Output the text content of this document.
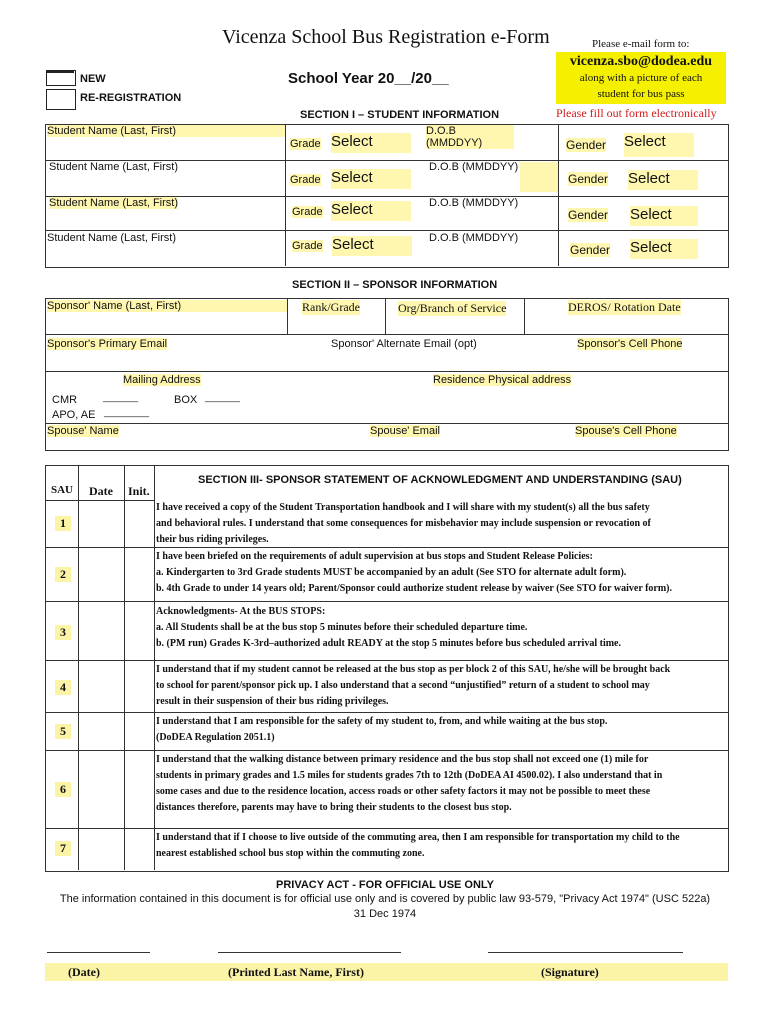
Vicenza School Bus Registration e-Form	Please e-mail form to:
vicenza.sbo@dodea.edu
along with a picture of each
student for bus pass
Please fill out form electronically
NEW
RE-REGISTRATION
School Year 20__/20__
SECTION I – STUDENT INFORMATION
Student Name (Last, First)	D.O.B (MMDDYY)
Grade Select	Gender Select
Student Name (Last, First)	D.O.B (MMDDYY)
Grade Select	Gender Select
Student Name (Last, First)	D.O.B (MMDDYY)
Grade Select	Gender Select
Student Name (Last, First)	D.O.B (MMDDYY)
Grade Select	Gender Select
SECTION II – SPONSOR INFORMATION
Sponsor' Name (Last, First)	Rank/Grade	Org/Branch of Service	DEROS/ Rotation Date
Sponsor's Primary Email	Sponsor' Alternate Email (opt)	Sponsor's Cell Phone
Mailing Address	Residence Physical address
CMR	_______	BOX _______
APO, AE _________
Spouse' Name	Spouse' Email	Spouse's Cell Phone
SECTION III- SPONSOR STATEMENT OF ACKNOWLEDGMENT AND UNDERSTANDING (SAU)
SAU Date Init.
1
I have received a copy of the Student Transportation handbook and I will share with my student(s) all the bus safety
and behavioral rules. I understand that some consequences for misbehavior may include suspension or revocation of
their bus riding privileges.
2
I have been briefed on the requirements of adult supervision at bus stops and Student Release Policies:
a. Kindergarten to 3rd Grade students MUST be accompanied by an adult (See STO for alternate adult form).
b. 4th Grade to under 14 years old; Parent/Sponsor could authorize student release by waiver (See STO for waiver form).
3
Acknowledgments- At the BUS STOPS:
a. All Students shall be at the bus stop 5 minutes before their scheduled departure time.
b. (PM run) Grades K-3rd–authorized adult READY at the stop 5 minutes before bus scheduled arrival time.
4
I understand that if my student cannot be released at the bus stop as per block 2 of this SAU, he/she will be brought back
to school for parent/sponsor pick up. I also understand that a second “unjustified” return of a student to school may
result in their suspension of their bus riding privileges.
5
I understand that I am responsible for the safety of my student to, from, and while waiting at the bus stop.
(DoDEA Regulation 2051.1)
6
I understand that the walking distance between primary residence and the bus stop shall not exceed one (1) mile for
students in primary grades and 1.5 miles for students grades 7th to 12th (DoDEA AI 4500.02). I also understand that in
some cases and due to the residence location, access roads or other safety factors it may not be possible to meet these
distances therefore, parents may have to bring their students to the closest bus stop.
7
I understand that if I choose to live outside of the commuting area, then I am responsible for transportation my child to the
nearest established school bus stop within the commuting zone.
PRIVACY ACT - FOR OFFICIAL USE ONLY
The information contained in this document is for official use only and is covered by public law 93-579, "Privacy Act 1974" (USC 522a)
31 Dec 1974
(Date)	(Printed Last Name, First)	(Signature)
